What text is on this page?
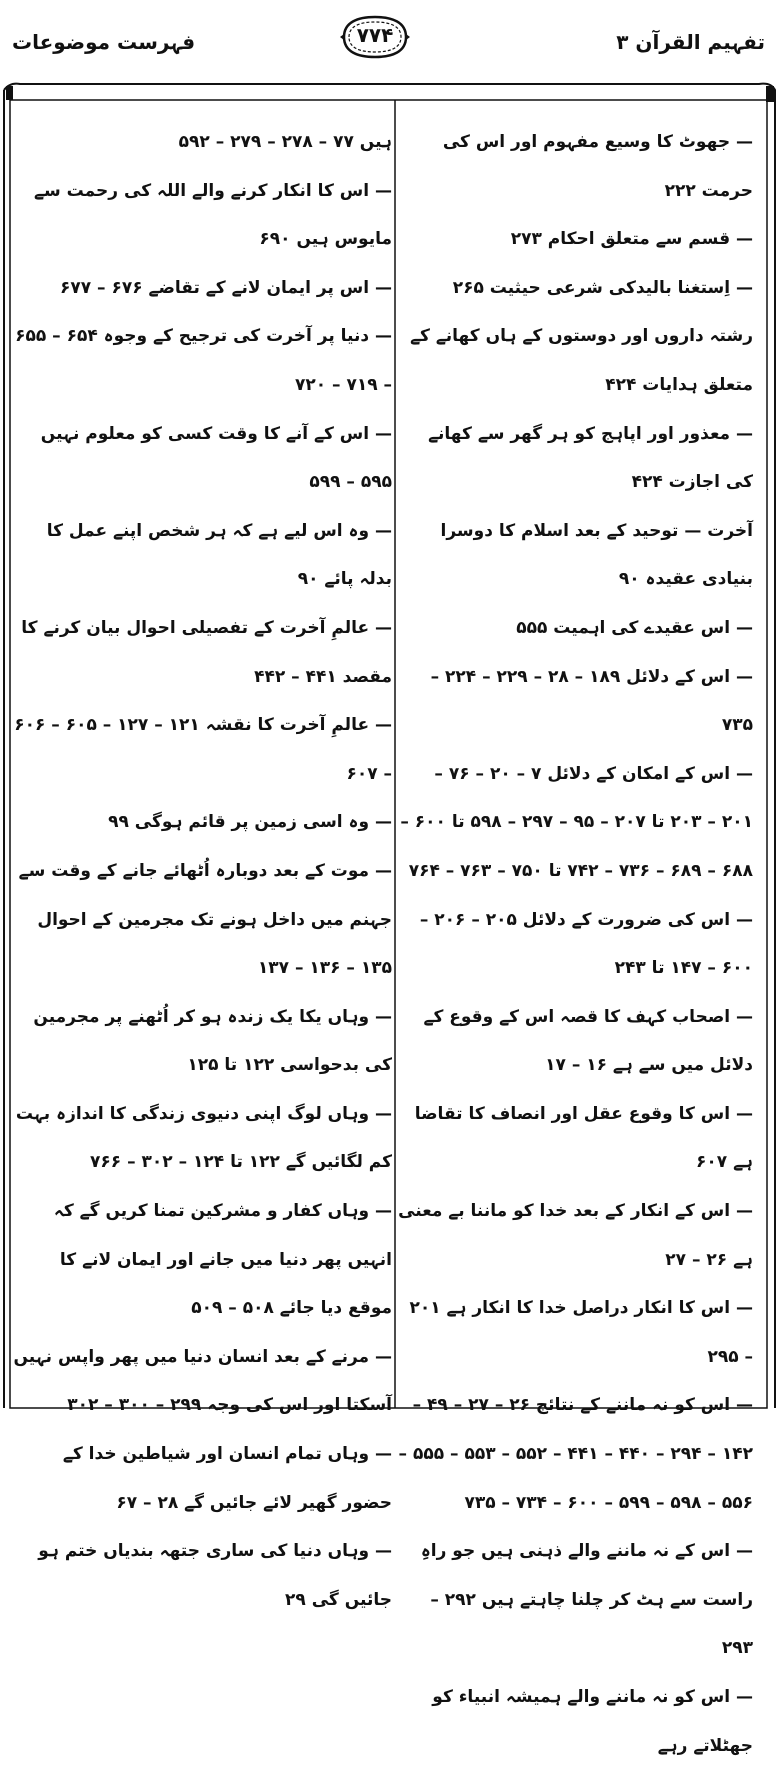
فہرست موضوعات	۷۷۴	تفہیم القرآن ۳

— جھوٹ کا وسیع مفہوم اور اس کی حرمت ۲۲۲

— قسم سے متعلق احکام ۲۷۳

— اِستغنا بالیدکی شرعی حیثیت ۲۶۵

رشتہ داروں اور دوستوں کے ہاں کھانے کے متعلق ہدایات ۴۲۴

— معذور اور اپاہج کو ہر گھر سے کھانے کی اجازت ۴۲۴

آخرت — توحید کے بعد اسلام کا دوسرا بنیادی عقیدہ ۹۰

— اس عقیدے کی اہمیت ۵۵۵

— اس کے دلائل ۱۸۹ – ۲۸ – ۲۲۹ – ۲۲۴ – ۷۳۵

— اس کے امکان کے دلائل ۷ – ۲۰ – ۷۶ – ۲۰۱ – ۲۰۳ تا ۲۰۷ – ۹۵ – ۲۹۷ – ۵۹۸ تا ۶۰۰ – ۶۸۸ – ۶۸۹ – ۷۳۶ – ۷۴۲ تا ۷۵۰ – ۷۶۳ – ۷۶۴

— اس کی ضرورت کے دلائل ۲۰۵ – ۲۰۶ – ۶۰۰ – ۱۴۷ تا ۲۴۳

— اصحاب کہف کا قصہ اس کے وقوع کے دلائل میں سے ہے ۱۶ – ۱۷

— اس کا وقوع عقل اور انصاف کا تقاضا ہے ۶۰۷

— اس کے انکار کے بعد خدا کو ماننا بے معنی ہے ۲۶ – ۲۷

— اس کا انکار دراصل خدا کا انکار ہے ۲۰۱ – ۲۹۵

— اس کو نہ ماننے کے نتائج ۲۶ – ۲۷ – ۴۹ – ۱۴۲ – ۲۹۴ – ۴۴۰ – ۴۴۱ – ۵۵۲ – ۵۵۳ – ۵۵۵ – ۵۵۶ – ۵۹۸ – ۵۹۹ – ۶۰۰ – ۷۳۴ – ۷۳۵

— اس کے نہ ماننے والے ذہنی ہیں جو راہِ راست سے ہٹ کر چلنا چاہتے ہیں ۲۹۲ – ۲۹۳

— اس کو نہ ماننے والے ہمیشہ انبیاء کو جھٹلاتے رہے

ہیں ۷۷ – ۲۷۸ – ۲۷۹ – ۵۹۲

— اس کا انکار کرنے والے اللہ کی رحمت سے مایوس ہیں ۶۹۰

— اس پر ایمان لانے کے تقاضے ۶۷۶ – ۶۷۷

— دنیا پر آخرت کی ترجیح کے وجوہ ۶۵۴ – ۶۵۵ – ۷۱۹ – ۷۲۰

— اس کے آنے کا وقت کسی کو معلوم نہیں ۵۹۵ – ۵۹۹

— وہ اس لیے ہے کہ ہر شخص اپنے عمل کا بدلہ پائے ۹۰

— عالمِ آخرت کے تفصیلی احوال بیان کرنے کا مقصد ۴۴۱ – ۴۴۲

— عالمِ آخرت کا نقشہ ۱۲۱ – ۱۲۷ – ۶۰۵ – ۶۰۶ – ۶۰۷

— وہ اسی زمین پر قائم ہوگی ۹۹

— موت کے بعد دوبارہ اُٹھائے جانے کے وقت سے جہنم میں داخل ہونے تک مجرمین کے احوال ۱۳۵ – ۱۳۶ – ۱۳۷

— وہاں یکا یک زندہ ہو کر اُٹھنے پر مجرمین کی بدحواسی ۱۲۲ تا ۱۲۵

— وہاں لوگ اپنی دنیوی زندگی کا اندازہ بہت کم لگائیں گے ۱۲۲ تا ۱۲۴ – ۳۰۲ – ۷۶۶

— وہاں کفار و مشرکین تمنا کریں گے کہ انہیں پھر دنیا میں جانے اور ایمان لانے کا موقع دیا جائے ۵۰۸ – ۵۰۹

— مرنے کے بعد انسان دنیا میں پھر واپس نہیں آسکتا اور اس کی وجہ ۲۹۹ – ۳۰۰ – ۳۰۲

— وہاں تمام انسان اور شیاطین خدا کے حضور گھیر لائے جائیں گے ۲۸ – ۶۷

— وہاں دنیا کی ساری جتھہ بندیاں ختم ہو جائیں گی ۲۹
